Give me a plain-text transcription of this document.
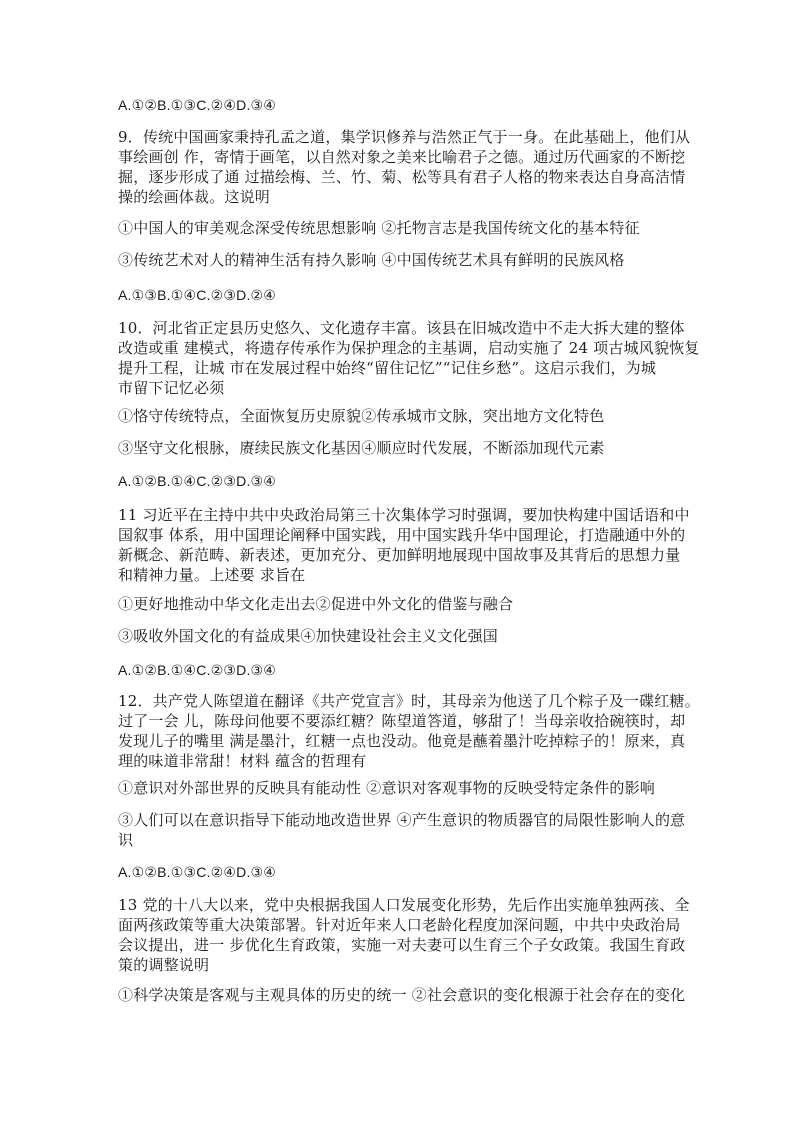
A.①②B.①③C.②④D.③④

9．传统中国画家秉持孔孟之道，集学识修养与浩然正气于一身。在此基础上，他们从
事绘画创 作，寄情于画笔，以自然对象之美来比喻君子之德。通过历代画家的不断挖
掘，逐步形成了通 过描绘梅、兰、竹、菊、松等具有君子人格的物来表达自身高洁情
操的绘画体裁。这说明

①中国人的审美观念深受传统思想影响 ②托物言志是我国传统文化的基本特征

③传统艺术对人的精神生活有持久影响 ④中国传统艺术具有鲜明的民族风格

A.①③B.①④C.②③D.②④

10．河北省正定县历史悠久、文化遗存丰富。该县在旧城改造中不走大拆大建的整体
改造或重 建模式，将遗存传承作为保护理念的主基调，启动实施了 24 项古城风貌恢复
提升工程，让城 市在发展过程中始终“留住记忆”“记住乡愁”。这启示我们，为城
市留下记忆必须

①恪守传统特点，全面恢复历史原貌②传承城市文脉，突出地方文化特色

③坚守文化根脉，赓续民族文化基因④顺应时代发展，不断添加现代元素

A.①②B.①④C.②③D.③④

11 习近平在主持中共中央政治局第三十次集体学习时强调，要加快构建中国话语和中
国叙事 体系，用中国理论阐释中国实践，用中国实践升华中国理论，打造融通中外的
新概念、新范畴、新表述，更加充分、更加鲜明地展现中国故事及其背后的思想力量
和精神力量。上述要 求旨在

①更好地推动中华文化走出去②促进中外文化的借鉴与融合

③吸收外国文化的有益成果④加快建设社会主义文化强国

A.①②B.①④C.②③D.③④

12．共产党人陈望道在翻译《共产党宣言》时，其母亲为他送了几个粽子及一碟红糖。
过了一会 儿，陈母问他要不要添红糖？陈望道答道，够甜了！当母亲收拾碗筷时，却
发现儿子的嘴里 满是墨汁，红糖一点也没动。他竟是蘸着墨汁吃掉粽子的！原来，真
理的味道非常甜！材料 蕴含的哲理有

①意识对外部世界的反映具有能动性 ②意识对客观事物的反映受特定条件的影响

③人们可以在意识指导下能动地改造世界 ④产生意识的物质器官的局限性影响人的意

识

A.①②B.①③C.②④D.③④

13 党的十八大以来，党中央根据我国人口发展变化形势，先后作出实施单独两孩、全
面两孩政策等重大决策部署。针对近年来人口老龄化程度加深问题，中共中央政治局
会议提出，进一 步优化生育政策，实施一对夫妻可以生育三个子女政策。我国生育政
策的调整说明

①科学决策是客观与主观具体的历史的统一 ②社会意识的变化根源于社会存在的变化
